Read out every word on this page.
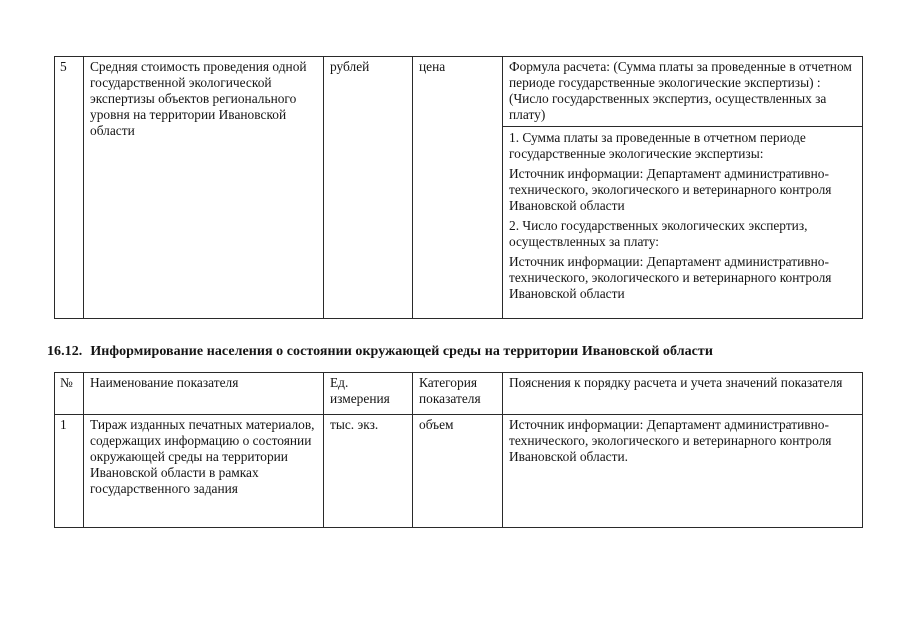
5	Средняя стоимость проведения одной государственной экологической экспертизы объектов регионального уровня на территории Ивановской области	рублей	цена	Формула расчета: (Сумма платы за проведенные в отчетном периоде государственные экологические экспертизы) : (Число государственных экспертиз, осуществленных за плату)

1. Сумма платы за проведенные в отчетном периоде государственные экологические экспертизы:

Источник информации: Департамент административно-технического, экологического и ветеринарного контроля Ивановской области

2. Число государственных экологических экспертиз, осуществленных за плату:

Источник информации: Департамент административно-технического, экологического и ветеринарного контроля Ивановской области

16.12. Информирование населения о состоянии окружающей среды на территории Ивановской области
№	Наименование показателя	Ед. измерения	Категория показателя	Пояснения к порядку расчета и учета значений показателя
1	Тираж изданных печатных материалов, содержащих информацию о состоянии окружающей среды на территории Ивановской области в рамках государственного задания	тыс. экз.	объем	Источник информации: Департамент административно-технического, экологического и ветеринарного контроля Ивановской области.
